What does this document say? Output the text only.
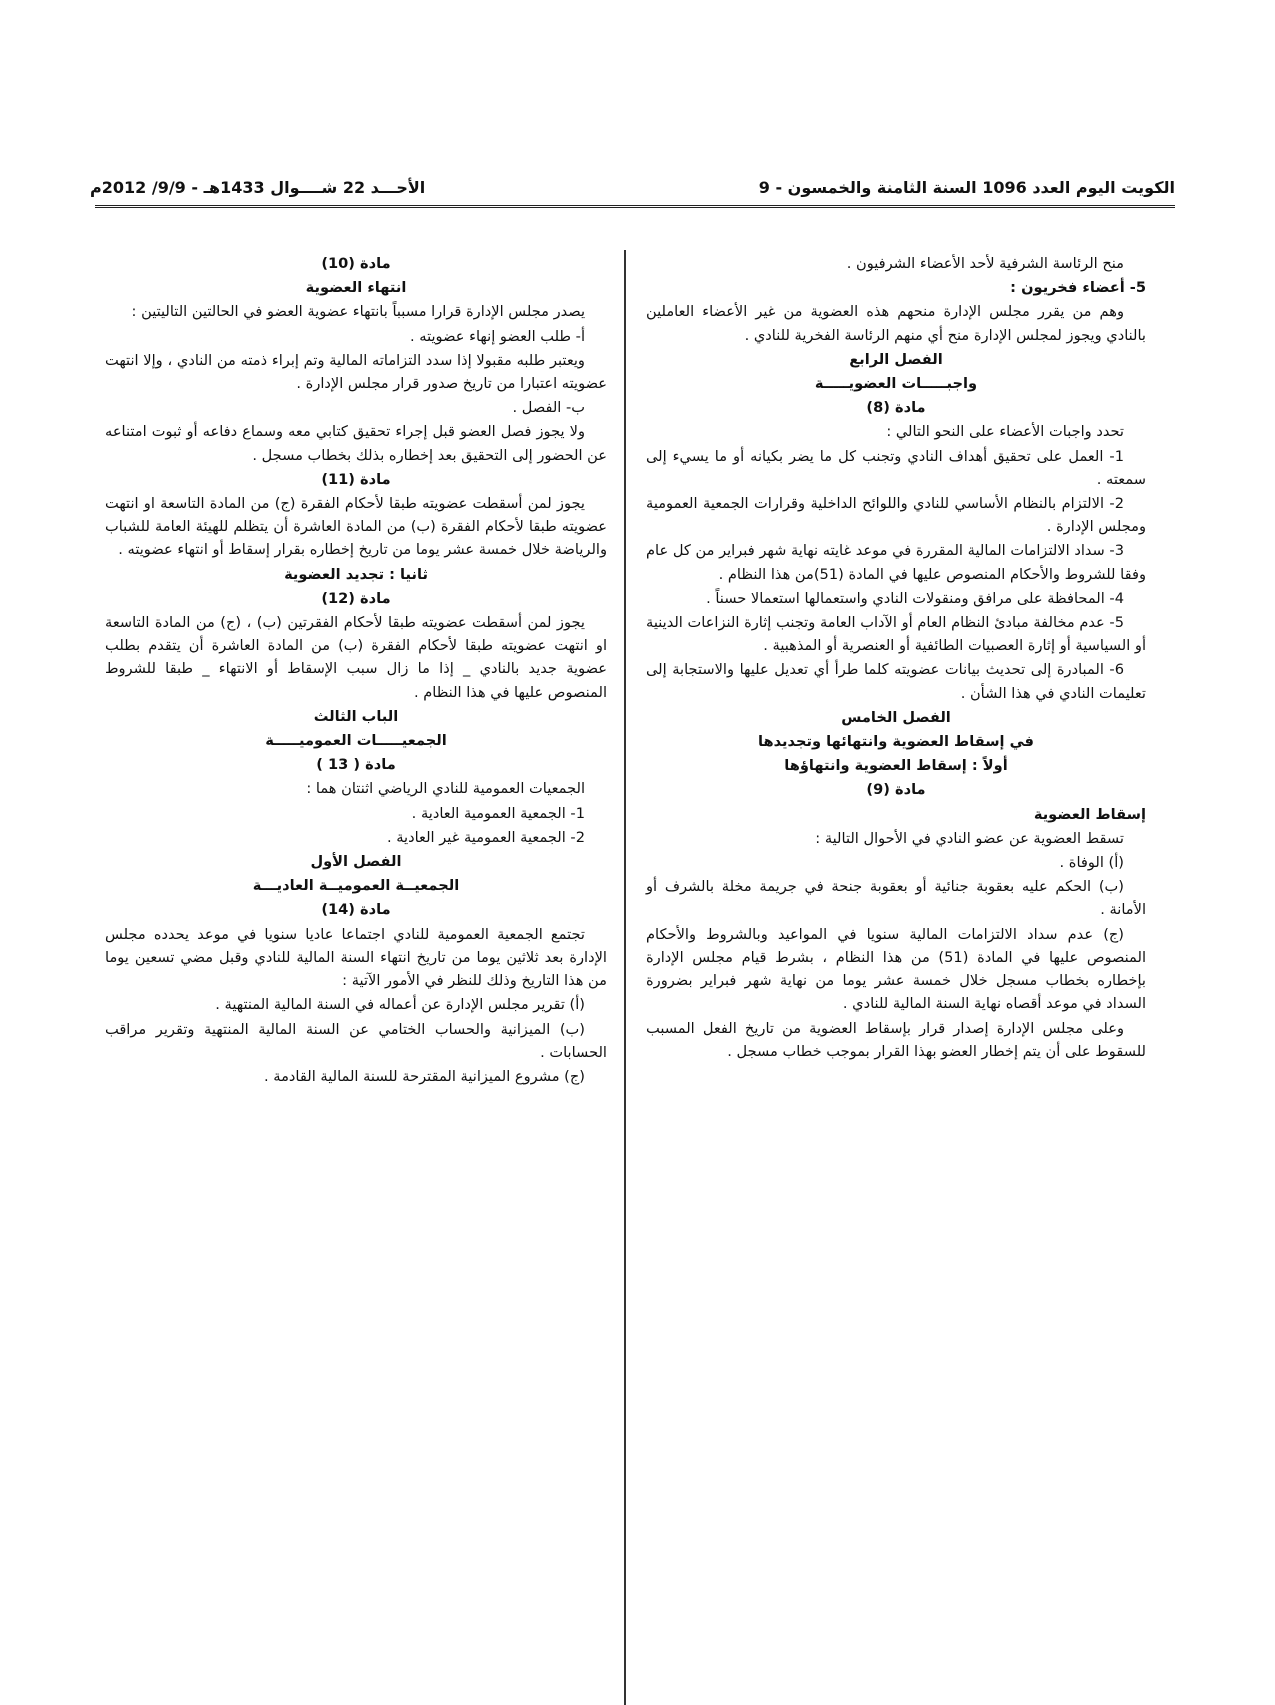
الكويت اليوم العدد 1096 السنة الثامنة والخمسون - 9
الأحـــد 22 شــــوال 1433هـ - 9/9/ 2012م

منح الرئاسة الشرفية لأحد الأعضاء الشرفيون .

5- أعضاء فخريون :

وهم من يقرر مجلس الإدارة منحهم هذه العضوية من غير الأعضاء العاملين بالنادي ويجوز لمجلس الإدارة منح أي منهم الرئاسة الفخرية للنادي .

الفصل الرابع

واجبـــــات العضويـــــة

مادة (8)

تحدد واجبات الأعضاء على النحو التالي :

1- العمل على تحقيق أهداف النادي وتجنب كل ما يضر بكيانه أو ما يسيء إلى سمعته .

2- الالتزام بالنظام الأساسي للنادي واللوائح الداخلية وقرارات الجمعية العمومية ومجلس الإدارة .

3- سداد الالتزامات المالية المقررة في موعد غايته نهاية شهر فبراير من كل عام وفقا للشروط والأحكام المنصوص عليها في المادة (51)من هذا النظام .

4- المحافظة على مرافق ومنقولات النادي واستعمالها استعمالا حسناً .

5- عدم مخالفة مبادئ النظام العام أو الآداب العامة وتجنب إثارة النزاعات الدينية أو السياسية أو إثارة العصبيات الطائفية أو العنصرية أو المذهبية .

6- المبادرة إلى تحديث بيانات عضويته كلما طرأ أي تعديل عليها والاستجابة إلى تعليمات النادي في هذا الشأن .

الفصل الخامس

في إسقاط العضوية وانتهائها وتجديدها

أولاً : إسقاط العضوية وانتهاؤها

مادة (9)

إسقاط العضوية

تسقط العضوية عن عضو النادي في الأحوال التالية :

(أ) الوفاة .

(ب) الحكم عليه بعقوبة جنائية أو بعقوبة جنحة في جريمة مخلة بالشرف أو الأمانة .

(ج) عدم سداد الالتزامات المالية سنويا في المواعيد وبالشروط والأحكام المنصوص عليها في المادة (51) من هذا النظام ، بشرط قيام مجلس الإدارة بإخطاره بخطاب مسجل خلال خمسة عشر يوما من نهاية شهر فبراير بضرورة السداد في موعد أقصاه نهاية السنة المالية للنادي .

وعلى مجلس الإدارة إصدار قرار بإسقاط العضوية من تاريخ الفعل المسبب للسقوط على أن يتم إخطار العضو بهذا القرار بموجب خطاب مسجل .

مادة (10)

انتهاء العضوية

يصدر مجلس الإدارة قرارا مسبباً بانتهاء عضوية العضو في الحالتين التاليتين :

أ- طلب العضو إنهاء عضويته .

ويعتبر طلبه مقبولا إذا سدد التزاماته المالية وتم إبراء ذمته من النادي ، وإلا انتهت عضويته اعتبارا من تاريخ صدور قرار مجلس الإدارة .

ب- الفصل .

ولا يجوز فصل العضو قبل إجراء تحقيق كتابي معه وسماع دفاعه أو ثبوت امتناعه عن الحضور إلى التحقيق بعد إخطاره بذلك بخطاب مسجل .

مادة (11)

يجوز لمن أسقطت عضويته طبقا لأحكام الفقرة (ج) من المادة التاسعة او انتهت عضويته طبقا لأحكام الفقرة (ب) من المادة العاشرة أن يتظلم للهيئة العامة للشباب والرياضة خلال خمسة عشر يوما من تاريخ إخطاره بقرار إسقاط أو انتهاء عضويته .

ثانيا : تجديد العضوية

مادة (12)

يجوز لمن أسقطت عضويته طبقا لأحكام الفقرتين (ب) ، (ج) من المادة التاسعة او انتهت عضويته طبقا لأحكام الفقرة (ب) من المادة العاشرة أن يتقدم بطلب عضوية جديد بالنادي _ إذا ما زال سبب الإسقاط أو الانتهاء _ طبقا للشروط المنصوص عليها في هذا النظام .

الباب الثالث

الجمعيـــــات العموميـــــة

مادة ( 13 )

الجمعيات العمومية للنادي الرياضي اثنتان هما :

1- الجمعية العمومية العادية .

2- الجمعية العمومية غير العادية .

الفصل الأول

الجمعيــة العموميــة العاديـــة

مادة (14)

تجتمع الجمعية العمومية للنادي اجتماعا عاديا سنويا في موعد يحدده مجلس الإدارة بعد ثلاثين يوما من تاريخ انتهاء السنة المالية للنادي وقبل مضي تسعين يوما من هذا التاريخ وذلك للنظر في الأمور الآتية :

(أ) تقرير مجلس الإدارة عن أعماله في السنة المالية المنتهية .

(ب) الميزانية والحساب الختامي عن السنة المالية المنتهية وتقرير مراقب الحسابات .

(ج) مشروع الميزانية المقترحة للسنة المالية القادمة .
